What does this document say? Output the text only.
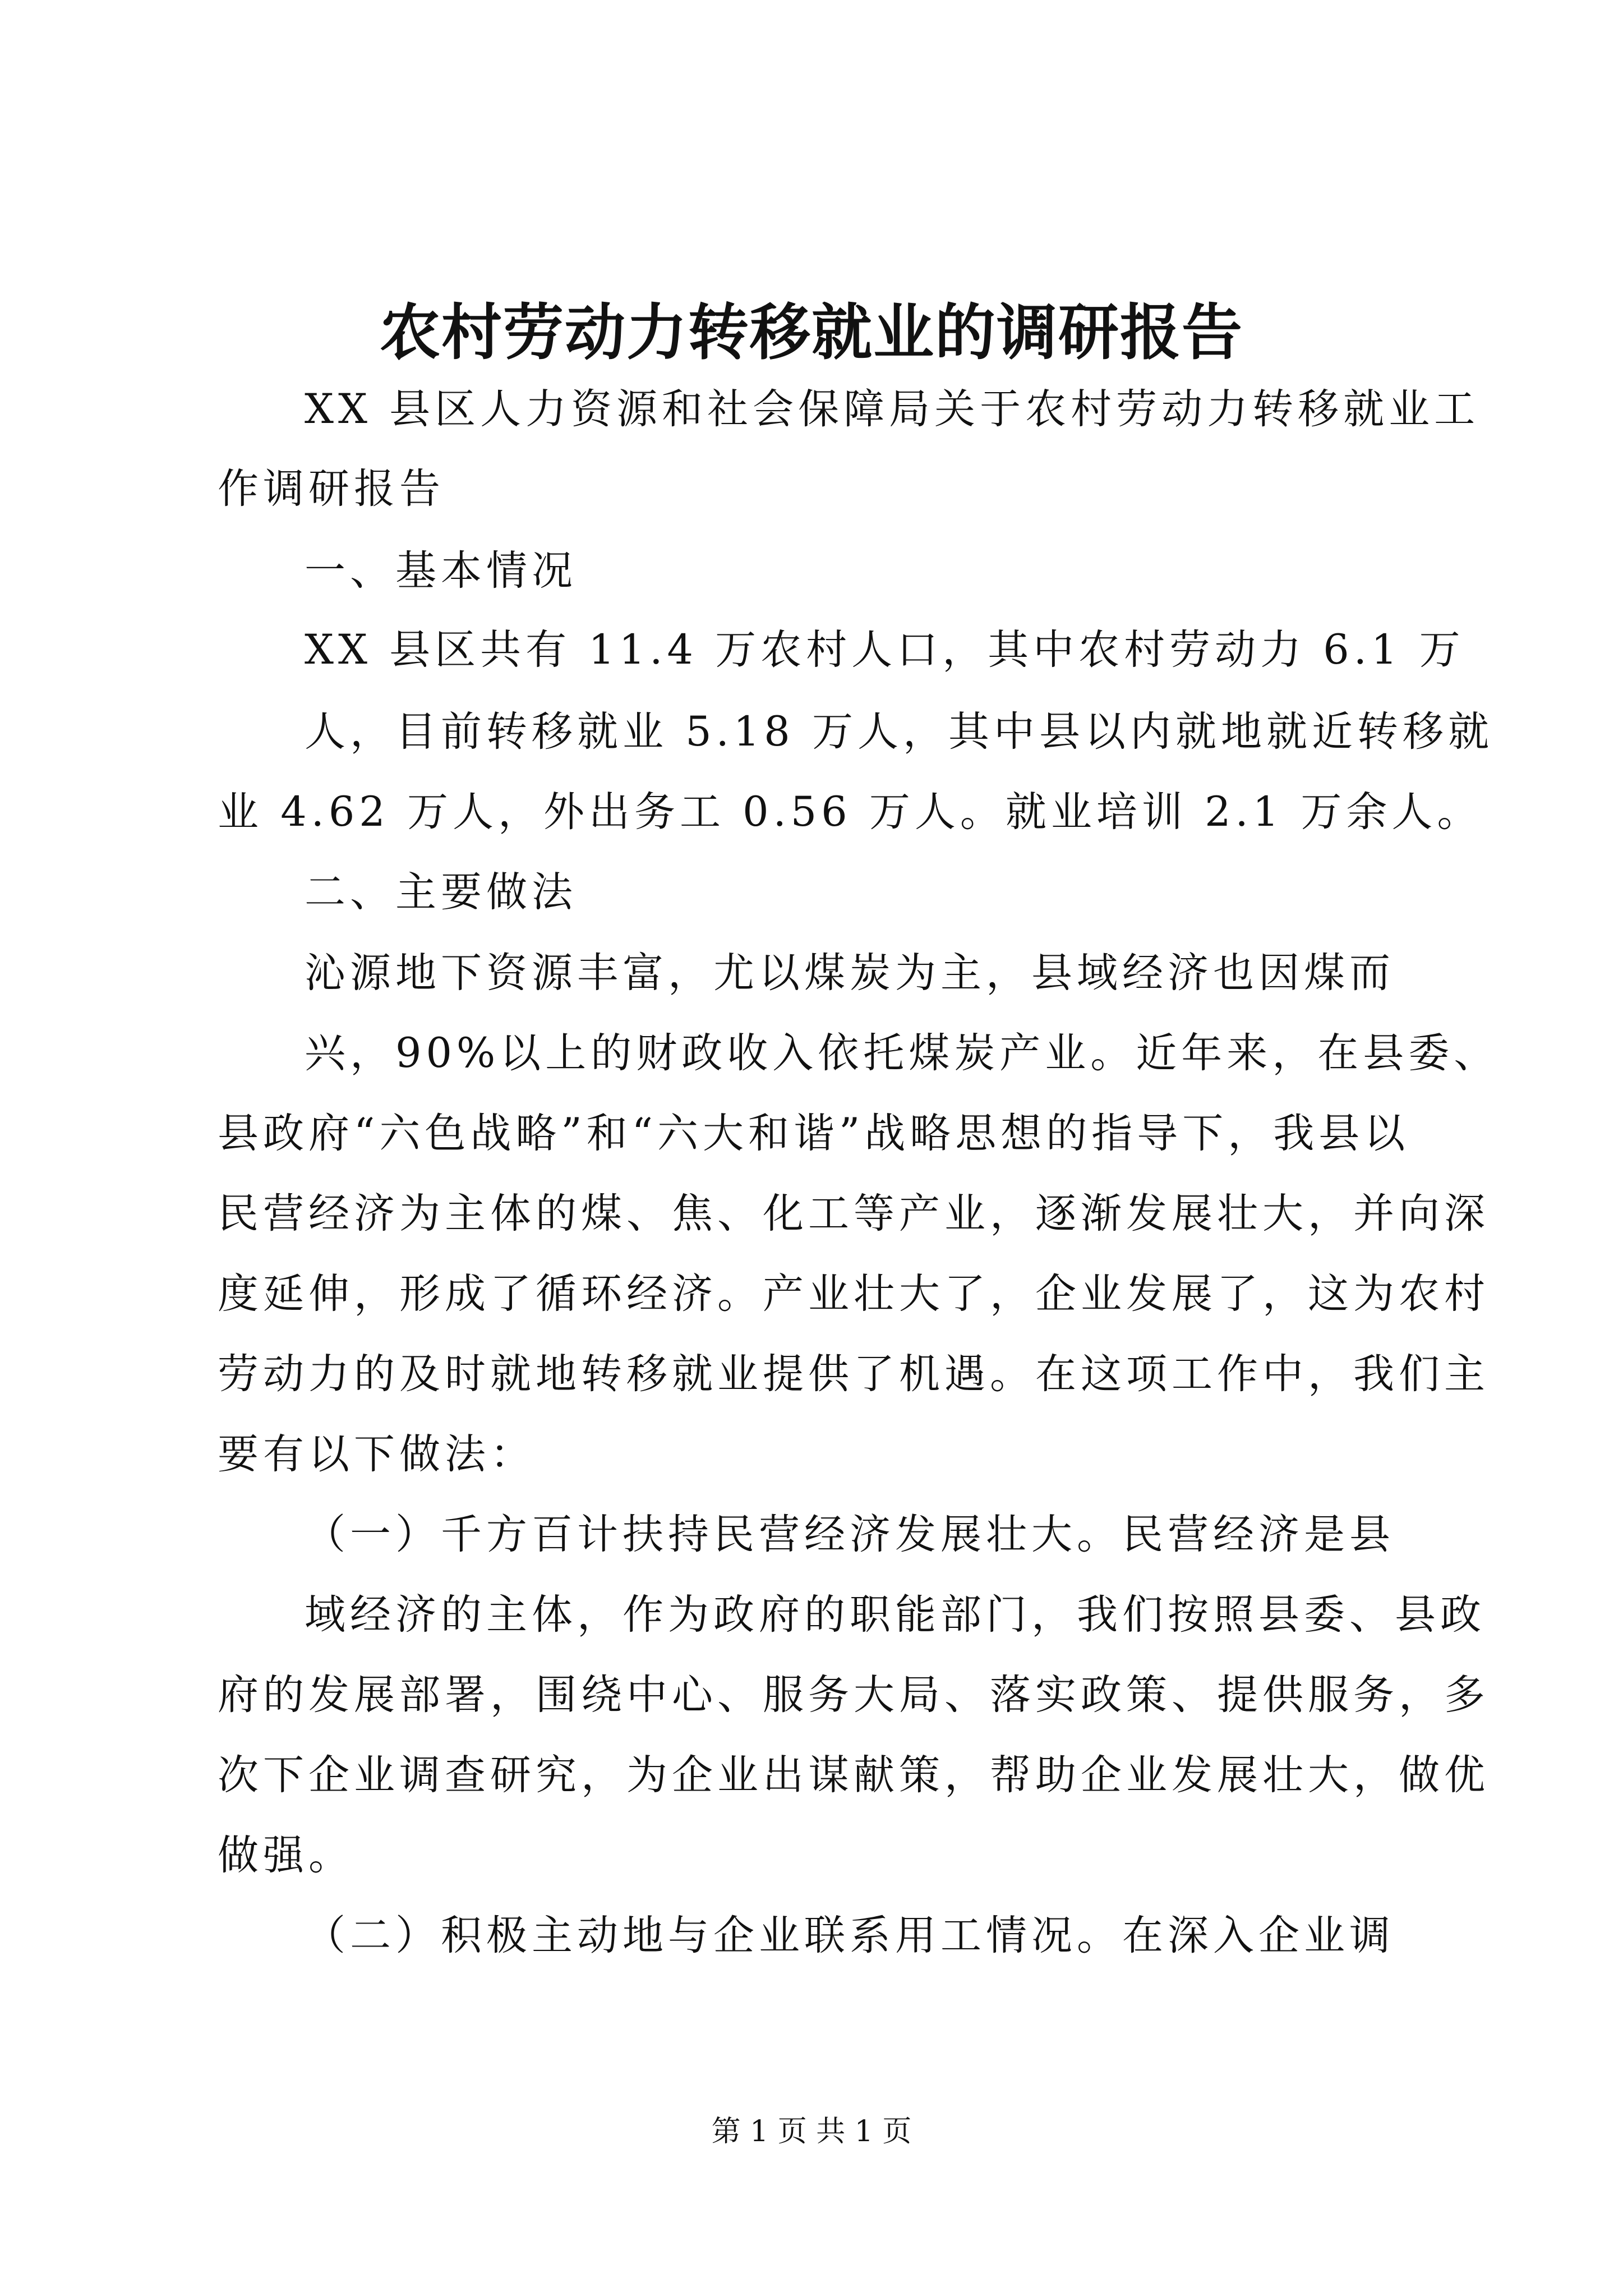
农村劳动力转移就业的调研报告
XX 县区人力资源和社会保障局关于农村劳动力转移就业工
作调研报告
一、基本情况
XX 县区共有 11.4 万农村人口，其中农村劳动力 6.1 万
人，目前转移就业 5.18 万人，其中县以内就地就近转移就
业 4.62 万人，外出务工 0.56 万人。就业培训 2.1 万余人。
二、主要做法
沁源地下资源丰富，尤以煤炭为主，县域经济也因煤而
兴，90%以上的财政收入依托煤炭产业。近年来，在县委、
县政府“六色战略”和“六大和谐”战略思想的指导下，我县以
民营经济为主体的煤、焦、化工等产业，逐渐发展壮大，并向深
度延伸，形成了循环经济。产业壮大了，企业发展了，这为农村
劳动力的及时就地转移就业提供了机遇。在这项工作中，我们主
要有以下做法：
（一）千方百计扶持民营经济发展壮大。民营经济是县
域经济的主体，作为政府的职能部门，我们按照县委、县政
府的发展部署，围绕中心、服务大局、落实政策、提供服务，多
次下企业调查研究，为企业出谋献策，帮助企业发展壮大，做优
做强。
（二）积极主动地与企业联系用工情况。在深入企业调
第 1 页 共 1 页
